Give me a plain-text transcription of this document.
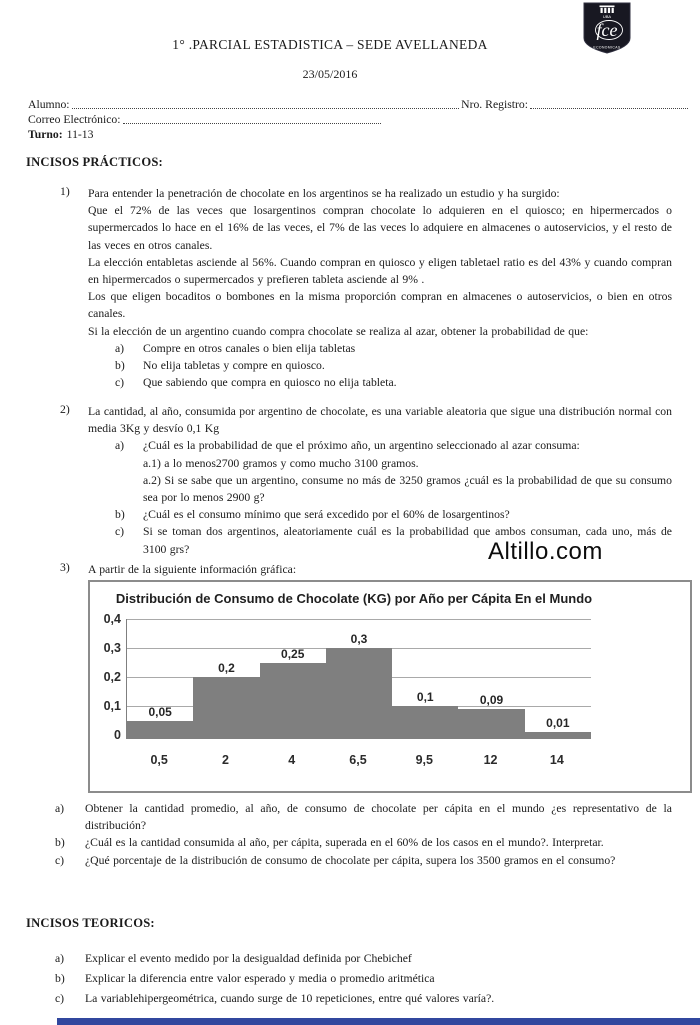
UBA
fce
ECONOMICAS
1° .PARCIAL ESTADISTICA – SEDE AVELLANEDA
23/05/2016
Alumno:	Nro. Registro:
Correo Electrónico:
Turno: 11-13
INCISOS PRÁCTICOS:
1)	Para entender la penetración de chocolate en los argentinos se ha realizado un estudio y ha surgido:
Que el 72% de las veces que losargentinos compran chocolate lo adquieren en el quiosco; en hipermercados o supermercados lo hace en el 16% de las veces, el 7% de las veces lo adquiere en almacenes o autoservicios, y el resto de las veces en otros canales.
La elección entabletas asciende al 56%. Cuando compran en quiosco y eligen tabletael ratio es del 43% y cuando compran en hipermercados o supermercados y prefieren tableta asciende al 9% .
Los que eligen bocaditos o bombones en la misma proporción compran en almacenes o autoservicios, o bien en otros canales.
Si la elección de un argentino cuando compra chocolate se realiza al azar, obtener la probabilidad de que:
a)	Compre en otros canales o bien elija tabletas
b)	No elija tabletas y compre en quiosco.
c)	Que sabiendo que compra en quiosco no elija tableta.
2)	La cantidad, al año, consumida por argentino de chocolate, es una variable aleatoria que sigue una distribución normal con media 3Kg y desvío 0,1 Kg
a)	¿Cuál es la probabilidad de que el próximo año, un argentino seleccionado al azar consuma:
a.1) a lo menos2700 gramos y como mucho 3100 gramos.
a.2) Si se sabe que un argentino, consume no más de 3250 gramos ¿cuál es la probabilidad de que su consumo sea por lo menos 2900 g?
b)	¿Cuál es el consumo mínimo que será excedido por el 60% de losargentinos?
c)	Si se toman dos argentinos, aleatoriamente cuál es la probabilidad que ambos consuman, cada uno, más de 3100 grs?
3)	A partir de la siguiente información gráfica:
Altillo.com
Distribución de Consumo de Chocolate (KG) por Año per Cápita En el Mundo
0,05
0,2
0,25
0,3
0,1	0,09
0,01
0,4
0,3
0,2
0,1
0
0,5	2	4	6,5	9,5	12	14
a)	Obtener la cantidad promedio, al año, de consumo de chocolate per cápita en el mundo ¿es representativo de la distribución?
b)	¿Cuál es la cantidad consumida al año, per cápita, superada en el 60% de los casos en el mundo?. Interpretar.
c)	¿Qué porcentaje de la distribución de consumo de chocolate per cápita, supera los 3500 gramos en el consumo?
INCISOS TEORICOS:
a)	Explicar el evento medido por la desigualdad definida por Chebichef
b)	Explicar la diferencia entre valor esperado y media o promedio aritmética
c)	La variablehipergeométrica, cuando surge de 10 repeticiones, entre qué valores varía?.
